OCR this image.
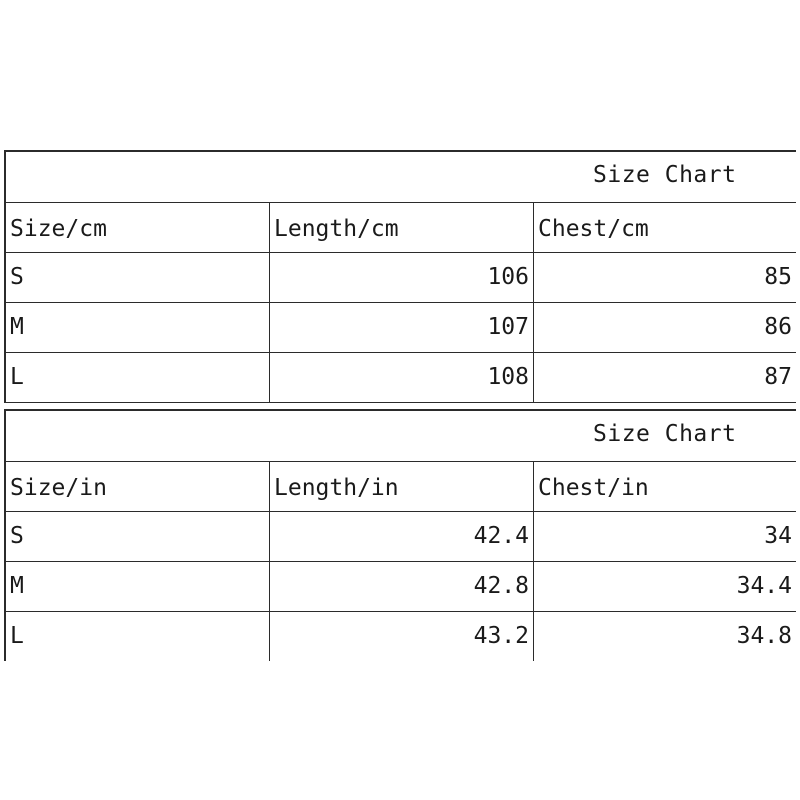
Size Chart
Size/cm	Length/cm	Chest/cm
S	106	85
M	107	86
L	108	87
Size Chart
Size/in	Length/in	Chest/in
S	42.4	34
M	42.8	34.4
L	43.2	34.8
